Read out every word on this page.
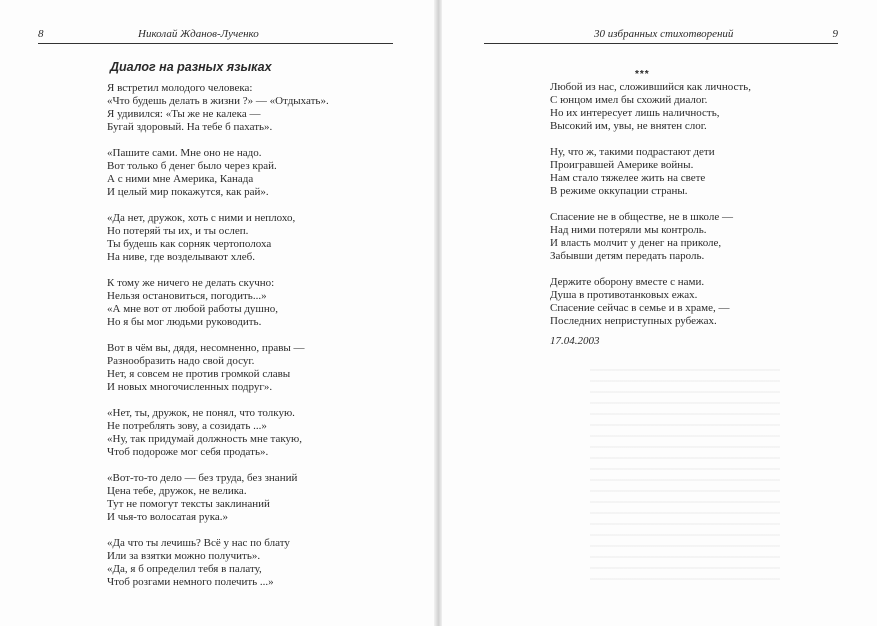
8	Николай Жданов-Лученко
Диалог на разных языках
Я встретил молодого человека:
«Что будешь делать в жизни ?» — «Отдыхать».
Я удивился: «Ты же не калека —
Бугай здоровый. На тебе б пахать».
«Пашите сами. Мне оно не надо.
Вот только б денег было через край.
А с ними мне Америка, Канада
И целый мир покажутся, как рай».
«Да нет, дружок, хоть с ними и неплохо,
Но потеряй ты их, и ты ослеп.
Ты будешь как сорняк чертополоха
На ниве, где возделывают хлеб.
К тому же ничего не делать скучно:
Нельзя остановиться, погодить...»
«А мне вот от любой работы душно,
Но я бы мог людьми руководить.
Вот в чём вы, дядя, несомненно, правы —
Разнообразить надо свой досуг.
Нет, я совсем не против громкой славы
И новых многочисленных подруг».
«Нет, ты, дружок, не понял, что толкую.
Не потреблять зову, а созидать ...»
«Ну, так придумай должность мне такую,
Чтоб подороже мог себя продать».
«Вот-то-то дело — без труда, без знаний
Цена тебе, дружок, не велика.
Тут не помогут тексты заклинаний
И чья-то волосатая рука.»
«Да что ты лечишь? Всё у нас по блату
Или за взятки можно получить».
«Да, я б определил тебя в палату,
Чтоб розгами немного полечить ...»
30 избранных стихотворений	9
***
Любой из нас, сложившийся как личность,
С юнцом имел бы схожий диалог.
Но их интересует лишь наличность,
Высокий им, увы, не внятен слог.
Ну, что ж, такими подрастают дети
Проигравшей Америке войны.
Нам стало тяжелее жить на свете
В режиме оккупации страны.
Спасение не в обществе, не в школе —
Над ними потеряли мы контроль.
И власть молчит у денег на приколе,
Забывши детям передать пароль.
Держите оборону вместе с нами.
Душа в противотанковых ежах.
Спасение сейчас в семье и в храме, —
Последних неприступных рубежах.
17.04.2003
